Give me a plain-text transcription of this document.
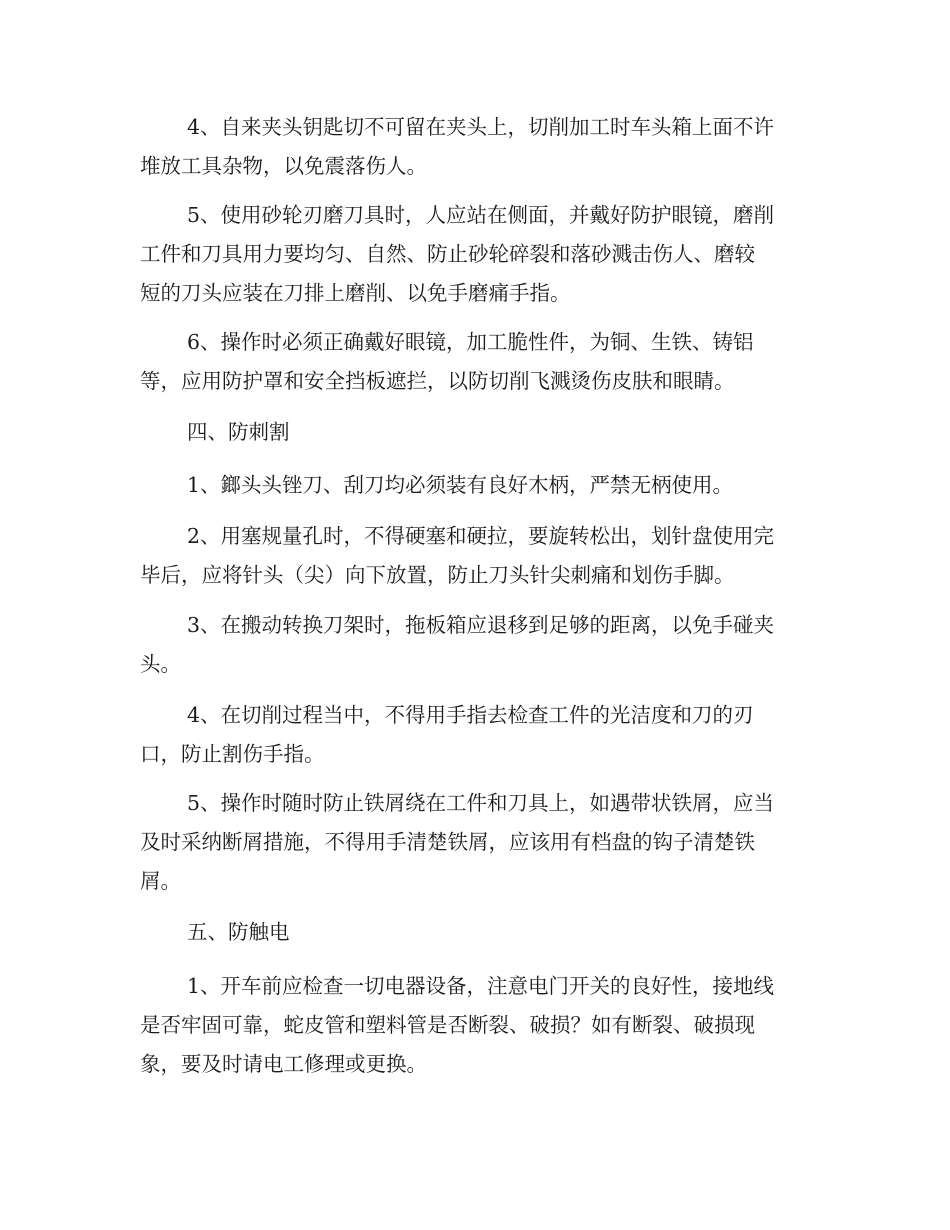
4、自来夹头钥匙切不可留在夹头上，切削加工时车头箱上面不许
堆放工具杂物，以免震落伤人。
5、使用砂轮刃磨刀具时，人应站在侧面，并戴好防护眼镜，磨削
工件和刀具用力要均匀、自然、防止砂轮碎裂和落砂溅击伤人、磨较
短的刀头应装在刀排上磨削、以免手磨痛手指。
6、操作时必须正确戴好眼镜，加工脆性件，为铜、生铁、铸铝
等，应用防护罩和安全挡板遮拦，以防切削飞溅烫伤皮肤和眼睛。
四、防刺割
1、鎯头头锉刀、刮刀均必须装有良好木柄，严禁无柄使用。
2、用塞规量孔时，不得硬塞和硬拉，要旋转松出，划针盘使用完
毕后，应将针头（尖）向下放置，防止刀头针尖刺痛和划伤手脚。
3、在搬动转换刀架时，拖板箱应退移到足够的距离，以免手碰夹
头。
4、在切削过程当中，不得用手指去检查工件的光洁度和刀的刃
口，防止割伤手指。
5、操作时随时防止铁屑绕在工件和刀具上，如遇带状铁屑，应当
及时采纳断屑措施，不得用手清楚铁屑，应该用有档盘的钩子清楚铁
屑。
五、防触电
1、开车前应检查一切电器设备，注意电门开关的良好性，接地线
是否牢固可靠，蛇皮管和塑料管是否断裂、破损？如有断裂、破损现
象，要及时请电工修理或更换。
